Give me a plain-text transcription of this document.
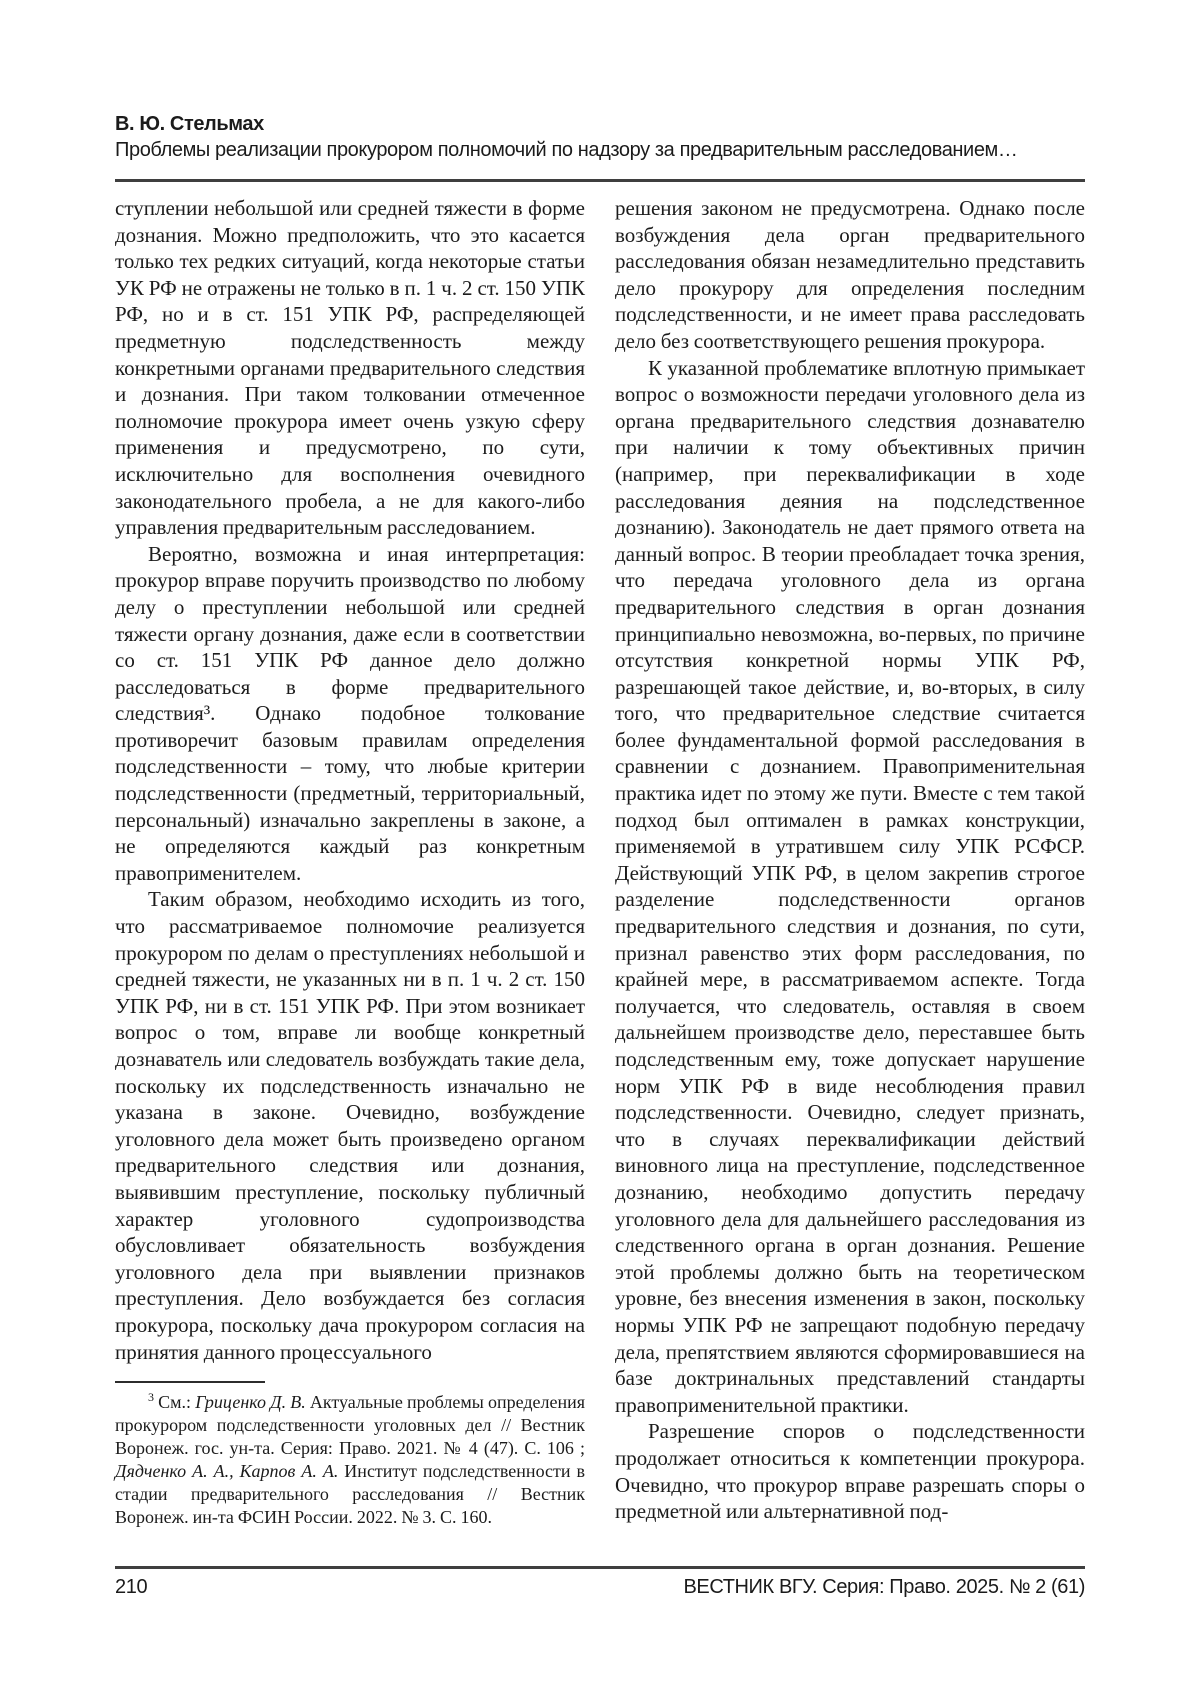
В. Ю. Стельмах
Проблемы реализации прокурором полномочий по надзору за предварительным расследованием…

ступлении небольшой или средней тяжести в форме дознания. Можно предположить, что это касается только тех редких ситуаций, когда некоторые статьи УК РФ не отражены не только в п. 1 ч. 2 ст. 150 УПК РФ, но и в ст. 151 УПК РФ, распределяющей предметную подследственность между конкретными органами предварительного следствия и дознания. При таком толковании отмеченное полномочие прокурора имеет очень узкую сферу применения и предусмотрено, по сути, исключительно для восполнения очевидного законодательного пробела, а не для какого-либо управления предварительным расследованием.

Вероятно, возможна и иная интерпретация: прокурор вправе поручить производство по любому делу о преступлении небольшой или средней тяжести органу дознания, даже если в соответствии со ст. 151 УПК РФ данное дело должно расследоваться в форме предварительного следствия³. Однако подобное толкование противоречит базовым правилам определения подследственности – тому, что любые критерии подследственности (предметный, территориальный, персональный) изначально закреплены в законе, а не определяются каждый раз конкретным правоприменителем.

Таким образом, необходимо исходить из того, что рассматриваемое полномочие реализуется прокурором по делам о преступлениях небольшой и средней тяжести, не указанных ни в п. 1 ч. 2 ст. 150 УПК РФ, ни в ст. 151 УПК РФ. При этом возникает вопрос о том, вправе ли вообще конкретный дознаватель или следователь возбуждать такие дела, поскольку их подследственность изначально не указана в законе. Очевидно, возбуждение уголовного дела может быть произведено органом предварительного следствия или дознания, выявившим преступление, поскольку публичный характер уголовного судопроизводства обусловливает обязательность возбуждения уголовного дела при выявлении признаков преступления. Дело возбуждается без согласия прокурора, поскольку дача прокурором согласия на принятия данного процессуального

$^3$ См.: Гриценко Д. В. Актуальные проблемы определения прокурором подследственности уголовных дел // Вестник Воронеж. гос. ун-та. Серия: Право. 2021. № 4 (47). С. 106 ; Дядченко А. А., Карпов А. А. Институт подследственности в стадии предварительного расследования // Вестник Воронеж. ин-та ФСИН России. 2022. № 3. С. 160.

решения законом не предусмотрена. Однако после возбуждения дела орган предварительного расследования обязан незамедлительно представить дело прокурору для определения последним подследственности, и не имеет права расследовать дело без соответствующего решения прокурора.

К указанной проблематике вплотную примыкает вопрос о возможности передачи уголовного дела из органа предварительного следствия дознавателю при наличии к тому объективных причин (например, при переквалификации в ходе расследования деяния на подследственное дознанию). Законодатель не дает прямого ответа на данный вопрос. В теории преобладает точка зрения, что передача уголовного дела из органа предварительного следствия в орган дознания принципиально невозможна, во-первых, по причине отсутствия конкретной нормы УПК РФ, разрешающей такое действие, и, во-вторых, в силу того, что предварительное следствие считается более фундаментальной формой расследования в сравнении с дознанием. Правоприменительная практика идет по этому же пути. Вместе с тем такой подход был оптимален в рамках конструкции, применяемой в утратившем силу УПК РСФСР. Действующий УПК РФ, в целом закрепив строгое разделение подследственности органов предварительного следствия и дознания, по сути, признал равенство этих форм расследования, по крайней мере, в рассматриваемом аспекте. Тогда получается, что следователь, оставляя в своем дальнейшем производстве дело, переставшее быть подследственным ему, тоже допускает нарушение норм УПК РФ в виде несоблюдения правил подследственности. Очевидно, следует признать, что в случаях переквалификации действий виновного лица на преступление, подследственное дознанию, необходимо допустить передачу уголовного дела для дальнейшего расследования из следственного органа в орган дознания. Решение этой проблемы должно быть на теоретическом уровне, без внесения изменения в закон, поскольку нормы УПК РФ не запрещают подобную передачу дела, препятствием являются сформировавшиеся на базе доктринальных представлений стандарты правоприменительной практики.

Разрешение споров о подследственности продолжает относиться к компетенции прокурора. Очевидно, что прокурор вправе разрешать споры о предметной или альтернативной под-

210	ВЕСТНИК ВГУ. Серия: Право. 2025. № 2 (61)
